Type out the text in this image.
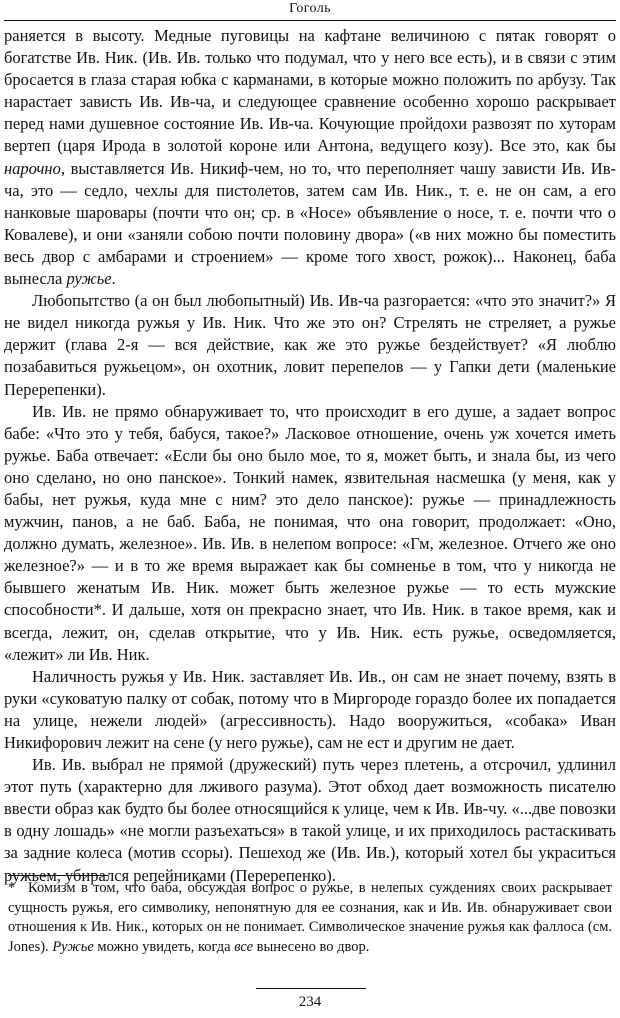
Гоголь

раняется в высоту. Медные пуговицы на кафтане величиною с пятак говорят о богатстве Ив. Ник. (Ив. Ив. только что подумал, что у него все есть), и в связи с этим бросается в глаза старая юбка с карманами, в которые можно положить по арбузу. Так нарастает зависть Ив. Ив-ча, и следующее сравнение особенно хорошо раскрывает перед нами душевное состояние Ив. Ив-ча. Кочующие пройдохи развозят по хуторам вертеп (царя Ирода в золотой короне или Антона, ведущего козу). Все это, как бы нарочно, выставляется Ив. Никиф-чем, но то, что переполняет чашу зависти Ив. Ив-ча, это — седло, чехлы для пистолетов, затем сам Ив. Ник., т. е. не он сам, а его нанковые шаровары (почти что он; ср. в «Носе» объявление о носе, т. е. почти что о Ковалеве), и они «заняли собою почти половину двора» («в них можно бы поместить весь двор с амбарами и строением» — кроме того хвост, рожок)... Наконец, баба вынесла ружье.

Любопытство (а он был любопытный) Ив. Ив-ча разгорается: «что это значит?» Я не видел никогда ружья у Ив. Ник. Что же это он? Стрелять не стреляет, а ружье держит (глава 2-я — вся действие, как же это ружье бездействует? «Я люблю позабавиться ружьецом», он охотник, ловит перепелов — у Гапки дети (маленькие Перерепенки).

Ив. Ив. не прямо обнаруживает то, что происходит в его душе, а задает вопрос бабе: «Что это у тебя, бабуся, такое?» Ласковое отношение, очень уж хочется иметь ружье. Баба отвечает: «Если бы оно было мое, то я, может быть, и знала бы, из чего оно сделано, но оно панское». Тонкий намек, язвительная насмешка (у меня, как у бабы, нет ружья, куда мне с ним? это дело панское): ружье — принадлежность мужчин, панов, а не баб. Баба, не понимая, что она говорит, продолжает: «Оно, должно думать, железное». Ив. Ив. в нелепом вопросе: «Гм, железное. Отчего же оно железное?» — и в то же время выражает как бы сомненье в том, что у никогда не бывшего женатым Ив. Ник. может быть железное ружье — то есть мужские способности*. И дальше, хотя он прекрасно знает, что Ив. Ник. в такое время, как и всегда, лежит, он, сделав открытие, что у Ив. Ник. есть ружье, осведомляется, «лежит» ли Ив. Ник.

Наличность ружья у Ив. Ник. заставляет Ив. Ив., он сам не знает почему, взять в руки «суковатую палку от собак, потому что в Миргороде гораздо более их попадается на улице, нежели людей» (агрессивность). Надо вооружиться, «собака» Иван Никифорович лежит на сене (у него ружье), сам не ест и другим не дает.

Ив. Ив. выбрал не прямой (дружеский) путь через плетень, а отсрочил, удлинил этот путь (характерно для лживого разума). Этот обход дает возможность писателю ввести образ как будто бы более относящийся к улице, чем к Ив. Ив-чу. «...две повозки в одну лошадь» «не могли разъехаться» в такой улице, и их приходилось растаскивать за задние колеса (мотив ссоры). Пешеход же (Ив. Ив.), который хотел бы украситься ружьем, убирался репейниками (Перерепенко).

* Комизм в том, что баба, обсуждая вопрос о ружье, в нелепых суждениях своих раскрывает сущность ружья, его символику, непонятную для ее сознания, как и Ив. Ив. обнаруживает свои отношения к Ив. Ник., которых он не понимает. Символическое значение ружья как фаллоса (см. Jones). Ружье можно увидеть, когда все вынесено во двор.
234
